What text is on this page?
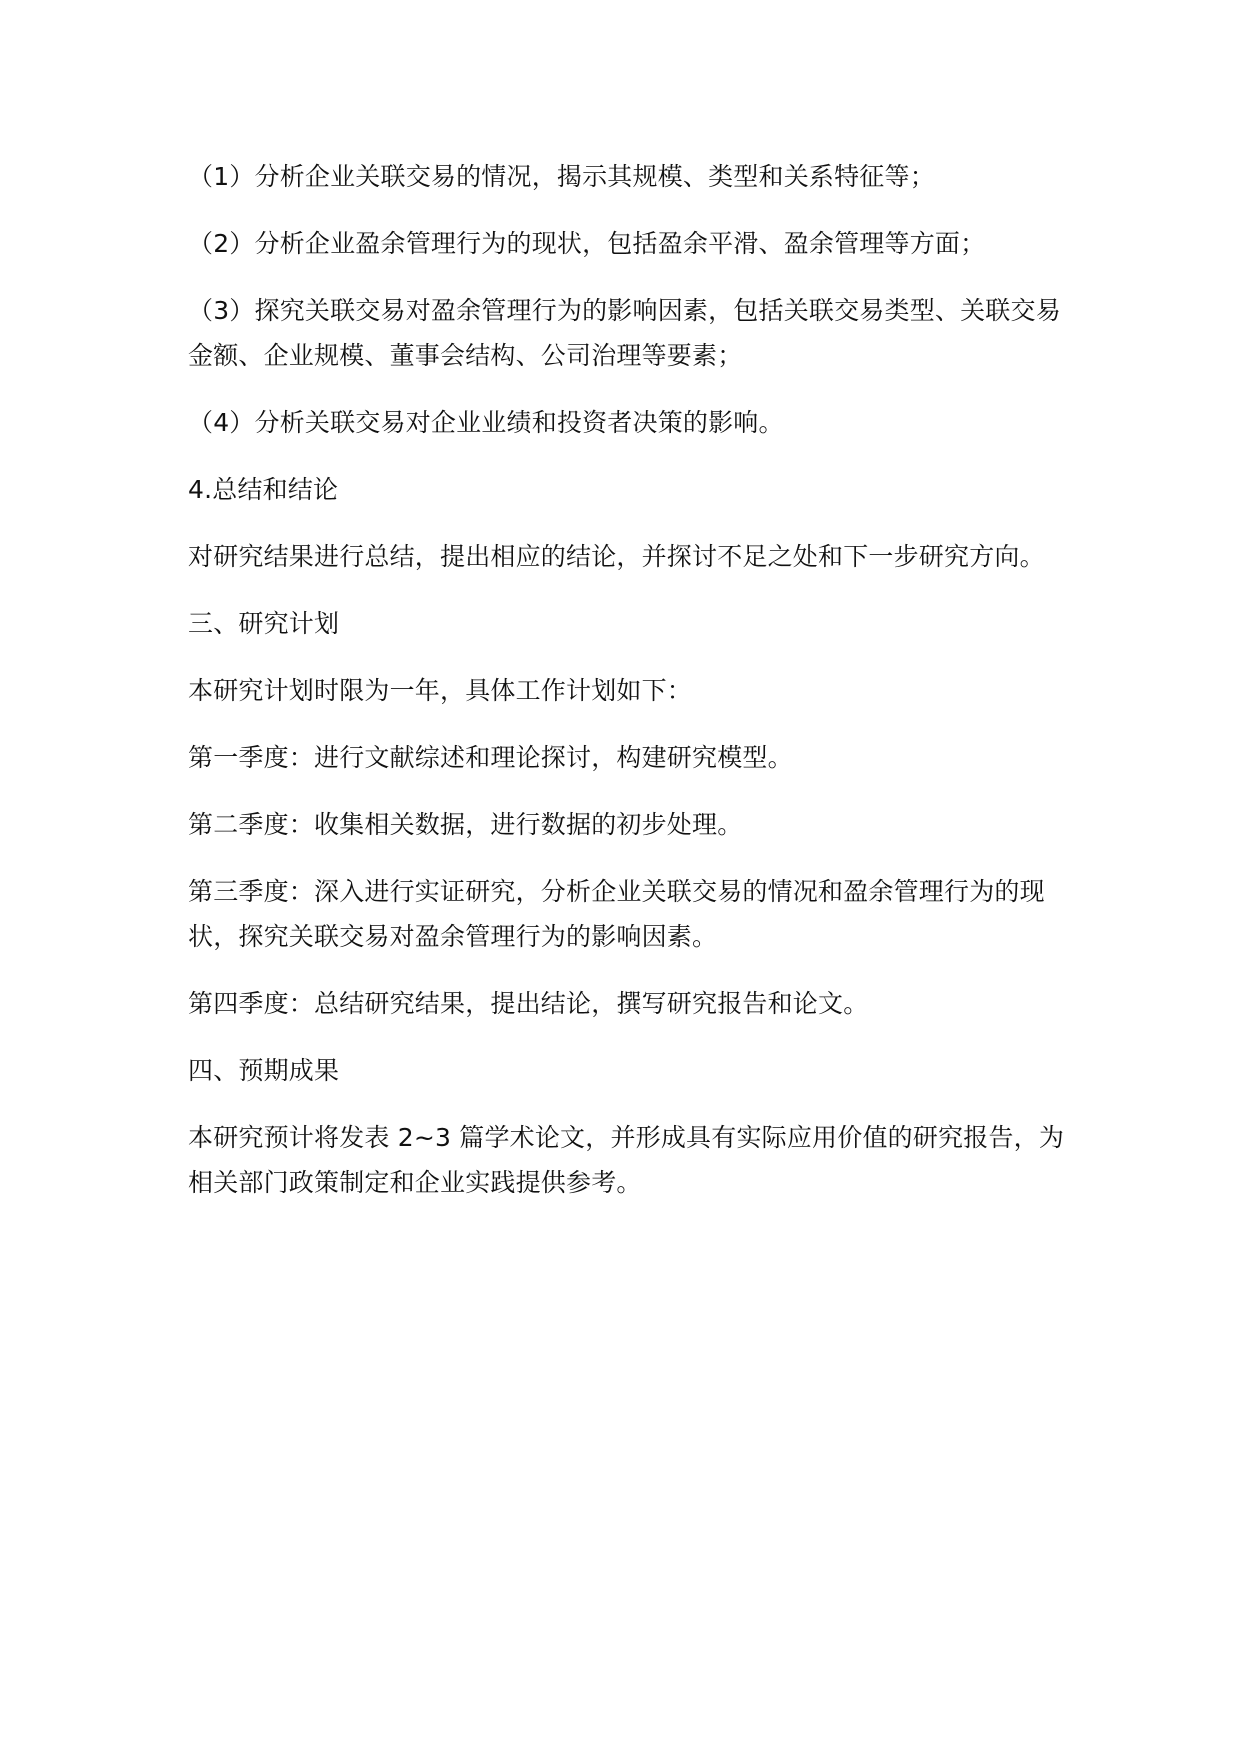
（1）分析企业关联交易的情况，揭示其规模、类型和关系特征等；

（2）分析企业盈余管理行为的现状，包括盈余平滑、盈余管理等方面；

（3）探究关联交易对盈余管理行为的影响因素，包括关联交易类型、关联交易金额、企业规模、董事会结构、公司治理等要素；

（4）分析关联交易对企业业绩和投资者决策的影响。

4.总结和结论

对研究结果进行总结，提出相应的结论，并探讨不足之处和下一步研究方向。

三、研究计划

本研究计划时限为一年，具体工作计划如下：

第一季度：进行文献综述和理论探讨，构建研究模型。

第二季度：收集相关数据，进行数据的初步处理。

第三季度：深入进行实证研究，分析企业关联交易的情况和盈余管理行为的现状，探究关联交易对盈余管理行为的影响因素。

第四季度：总结研究结果，提出结论，撰写研究报告和论文。

四、预期成果

本研究预计将发表 2~3 篇学术论文，并形成具有实际应用价值的研究报告，为相关部门政策制定和企业实践提供参考。
